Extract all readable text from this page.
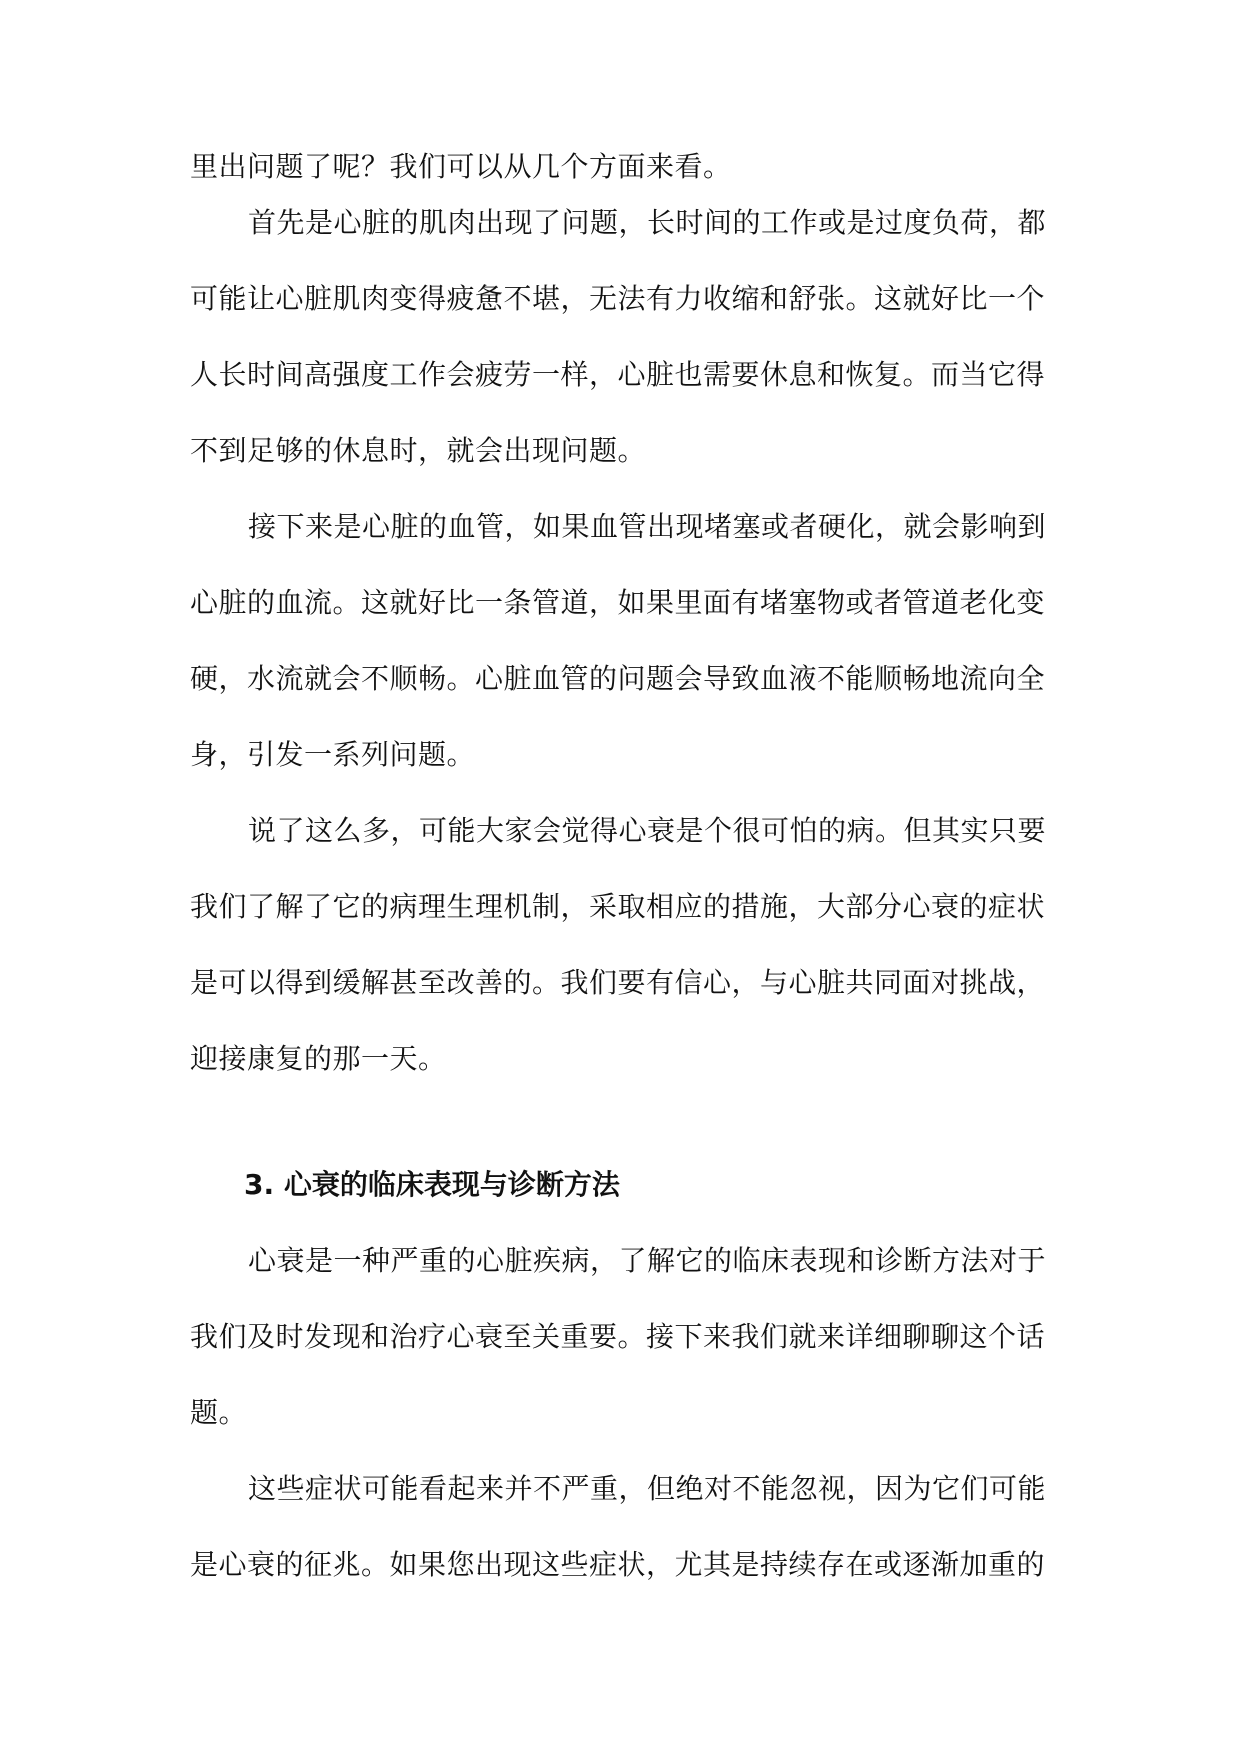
里出问题了呢？我们可以从几个方面来看。
首先是心脏的肌肉出现了问题，长时间的工作或是过度负荷，都
可能让心脏肌肉变得疲惫不堪，无法有力收缩和舒张。这就好比一个
人长时间高强度工作会疲劳一样，心脏也需要休息和恢复。而当它得
不到足够的休息时，就会出现问题。
接下来是心脏的血管，如果血管出现堵塞或者硬化，就会影响到
心脏的血流。这就好比一条管道，如果里面有堵塞物或者管道老化变
硬，水流就会不顺畅。心脏血管的问题会导致血液不能顺畅地流向全
身，引发一系列问题。
说了这么多，可能大家会觉得心衰是个很可怕的病。但其实只要
我们了解了它的病理生理机制，采取相应的措施，大部分心衰的症状
是可以得到缓解甚至改善的。我们要有信心，与心脏共同面对挑战，
迎接康复的那一天。
3. 心衰的临床表现与诊断方法
心衰是一种严重的心脏疾病，了解它的临床表现和诊断方法对于
我们及时发现和治疗心衰至关重要。接下来我们就来详细聊聊这个话
题。
这些症状可能看起来并不严重，但绝对不能忽视，因为它们可能
是心衰的征兆。如果您出现这些症状，尤其是持续存在或逐渐加重的
